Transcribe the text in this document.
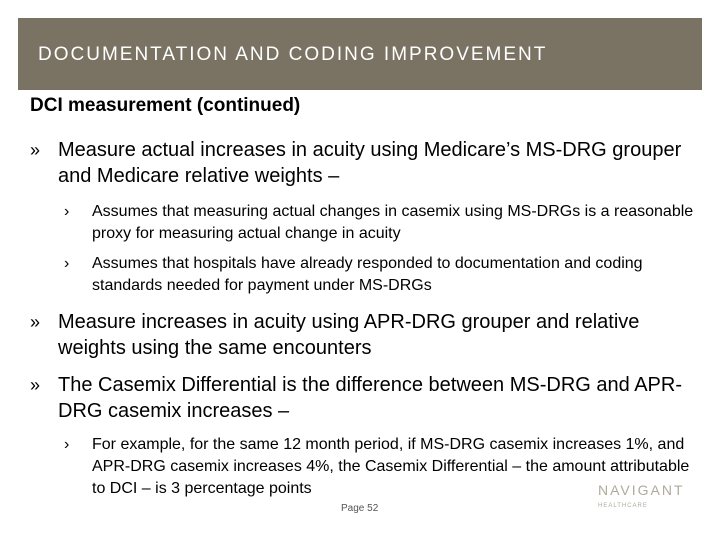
DOCUMENTATION AND CODING IMPROVEMENT
DCI measurement (continued)
» Measure actual increases in acuity using Medicare’s MS-DRG grouper and Medicare relative weights –
› Assumes that measuring actual changes in casemix using MS-DRGs is a reasonable proxy for measuring actual change in acuity
› Assumes that hospitals have already responded to documentation and coding standards needed for payment under MS-DRGs
» Measure increases in acuity using APR-DRG grouper and relative weights using the same encounters
» The Casemix Differential is the difference between MS-DRG and APR-DRG casemix increases –
› For example, for the same 12 month period, if MS-DRG casemix increases 1%, and APR-DRG casemix increases 4%, the Casemix Differential – the amount attributable to DCI – is 3 percentage points	NAVIGANT
HEALTHCARE
Page 52
